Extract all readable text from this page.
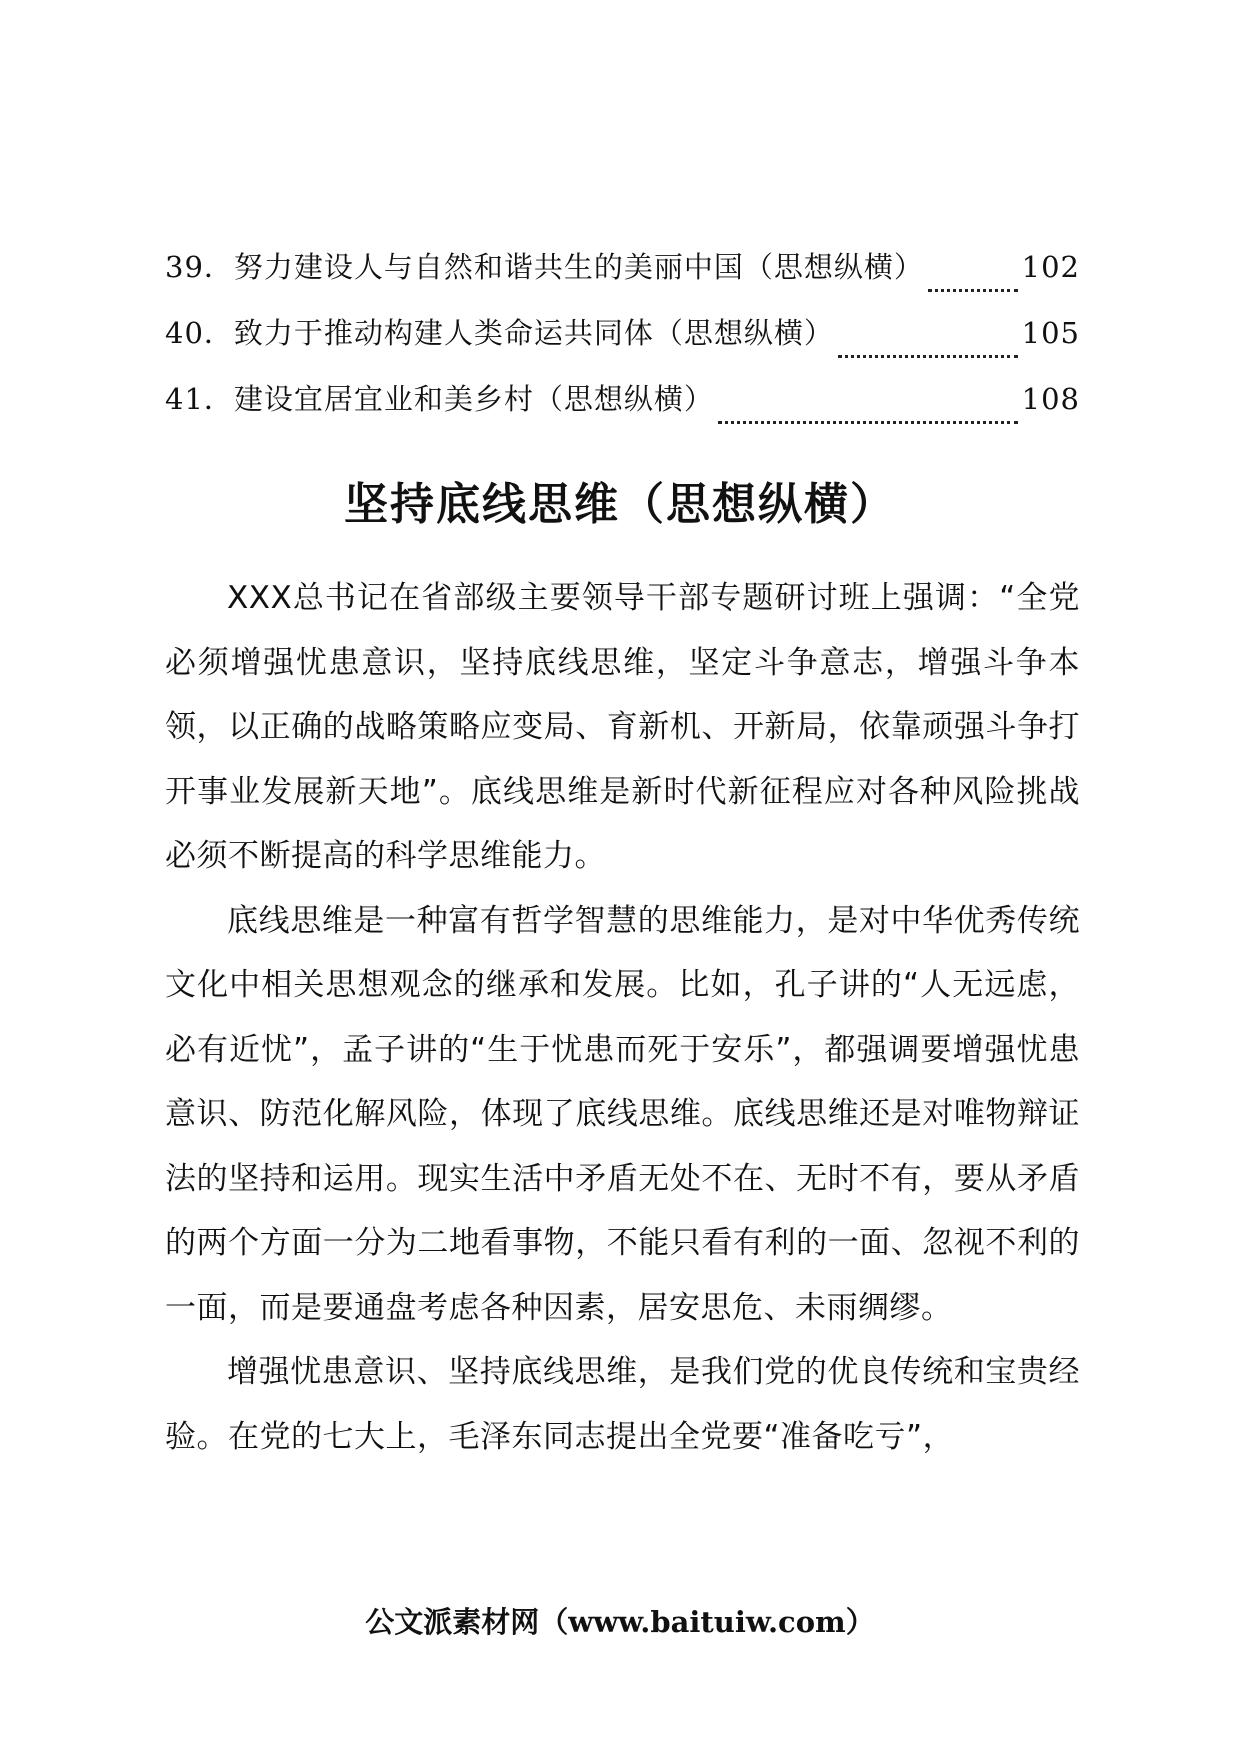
39． 努力建设人与自然和谐共生的美丽中国（思想纵横）	102
40． 致力于推动构建人类命运共同体（思想纵横）	105
41． 建设宜居宜业和美乡村（思想纵横）	108
坚持底线思维（思想纵横）

XXX总书记在省部级主要领导干部专题研讨班上强调：“全党必须增强忧患意识，坚持底线思维，坚定斗争意志，增强斗争本领，以正确的战略策略应变局、育新机、开新局，依靠顽强斗争打开事业发展新天地”。底线思维是新时代新征程应对各种风险挑战必须不断提高的科学思维能力。

底线思维是一种富有哲学智慧的思维能力，是对中华优秀传统文化中相关思想观念的继承和发展。比如，孔子讲的“人无远虑，必有近忧”，孟子讲的“生于忧患而死于安乐”，都强调要增强忧患意识、防范化解风险，体现了底线思维。底线思维还是对唯物辩证法的坚持和运用。现实生活中矛盾无处不在、无时不有，要从矛盾的两个方面一分为二地看事物，不能只看有利的一面、忽视不利的一面，而是要通盘考虑各种因素，居安思危、未雨绸缪。

增强忧患意识、坚持底线思维，是我们党的优良传统和宝贵经验。在党的七大上，毛泽东同志提出全党要“准备吃亏”，

公文派素材网（www.baituiw.com）
